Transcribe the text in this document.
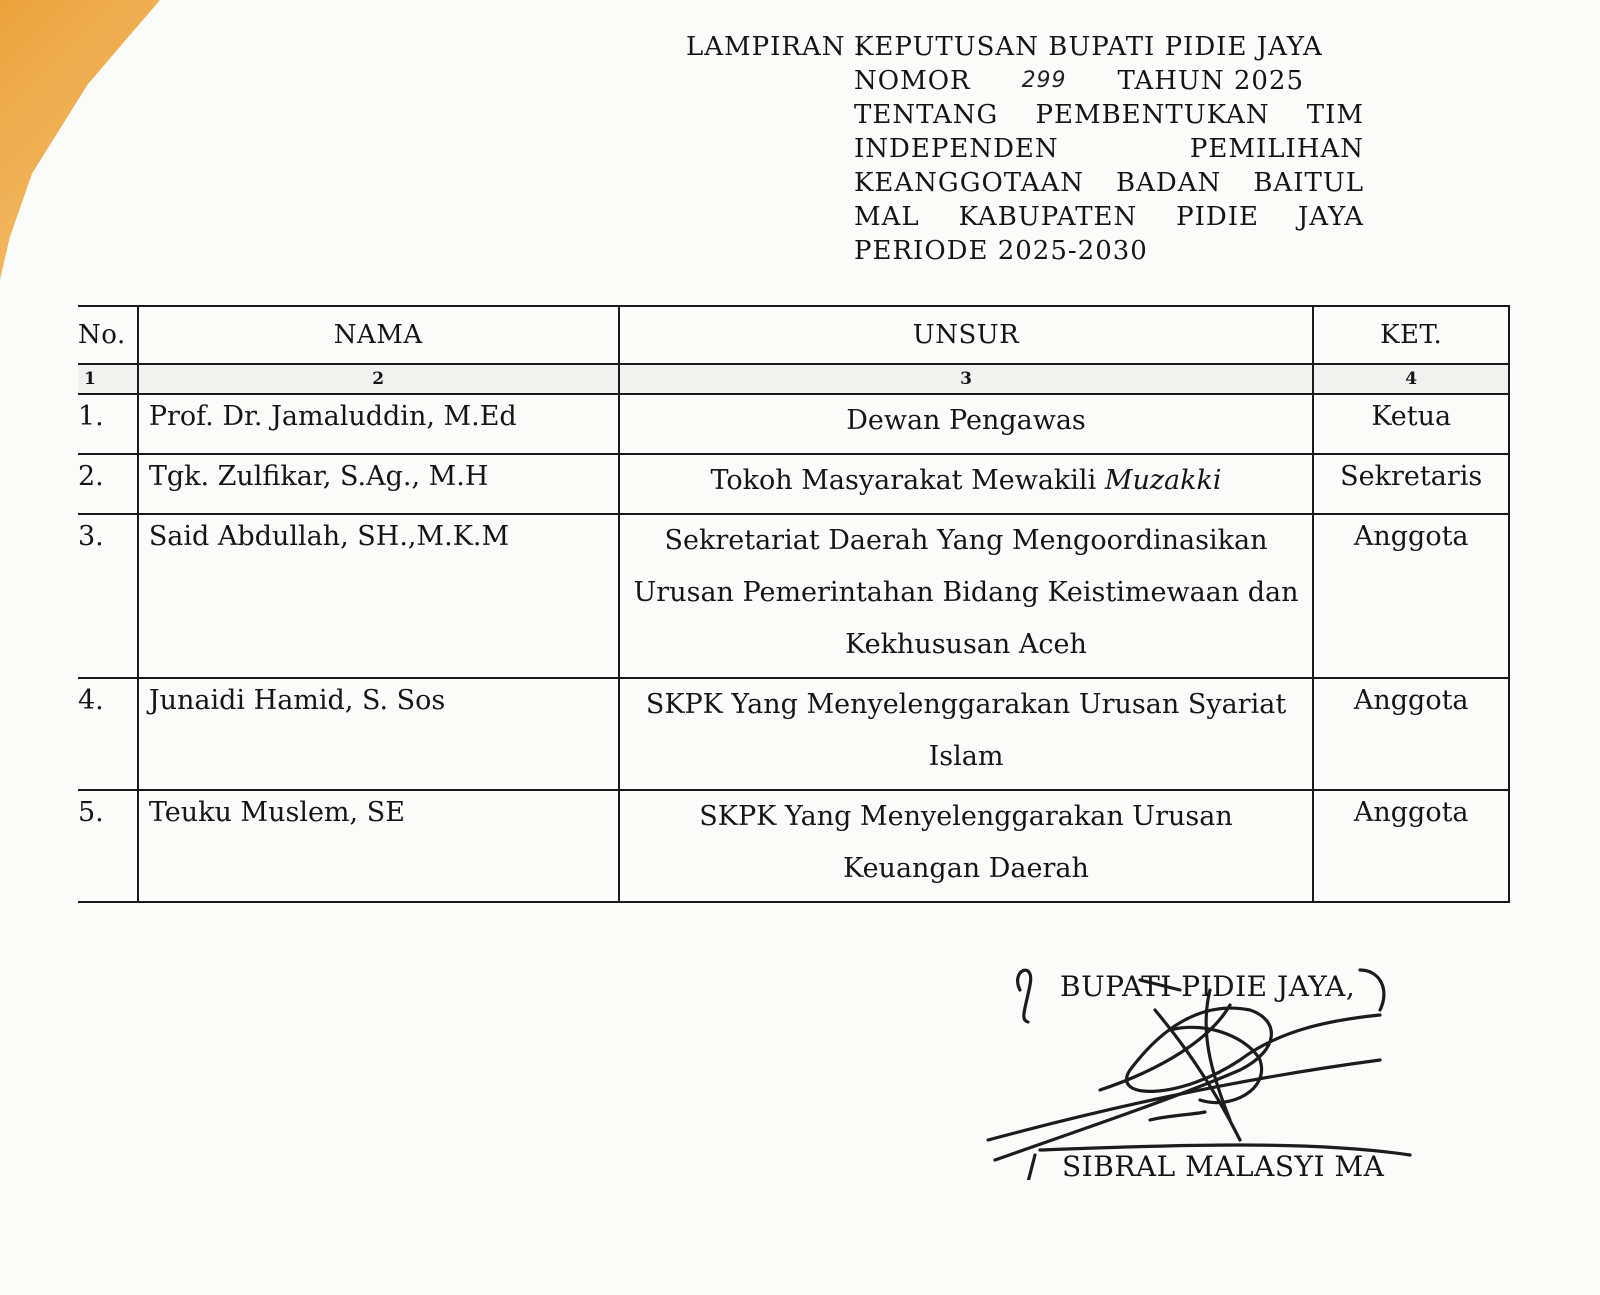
LAMPIRAN :
KEPUTUSAN BUPATI PIDIE JAYA
NOMOR 299 TAHUN 2025
TENTANG PEMBENTUKAN TIM
INDEPENDEN PEMILIHAN
KEANGGOTAAN BADAN BAITUL
MAL KABUPATEN PIDIE JAYA
PERIODE 2025-2030
No.	NAMA	UNSUR	KET.
1	2	3	4
1.	Prof. Dr. Jamaluddin, M.Ed	Dewan Pengawas	Ketua
2.	Tgk. Zulfikar, S.Ag., M.H	Tokoh Masyarakat Mewakili Muzakki	Sekretaris
3.	Said Abdullah, SH.,M.K.M	Sekretariat Daerah Yang Mengoordinasikan Urusan Pemerintahan Bidang Keistimewaan dan Kekhususan Aceh	Anggota
4.	Junaidi Hamid, S. Sos	SKPK Yang Menyelenggarakan Urusan Syariat Islam	Anggota
5.	Teuku Muslem, SE	SKPK Yang Menyelenggarakan Urusan Keuangan Daerah	Anggota
BUPATI PIDIE JAYA,
SIBRAL MALASYI MA
